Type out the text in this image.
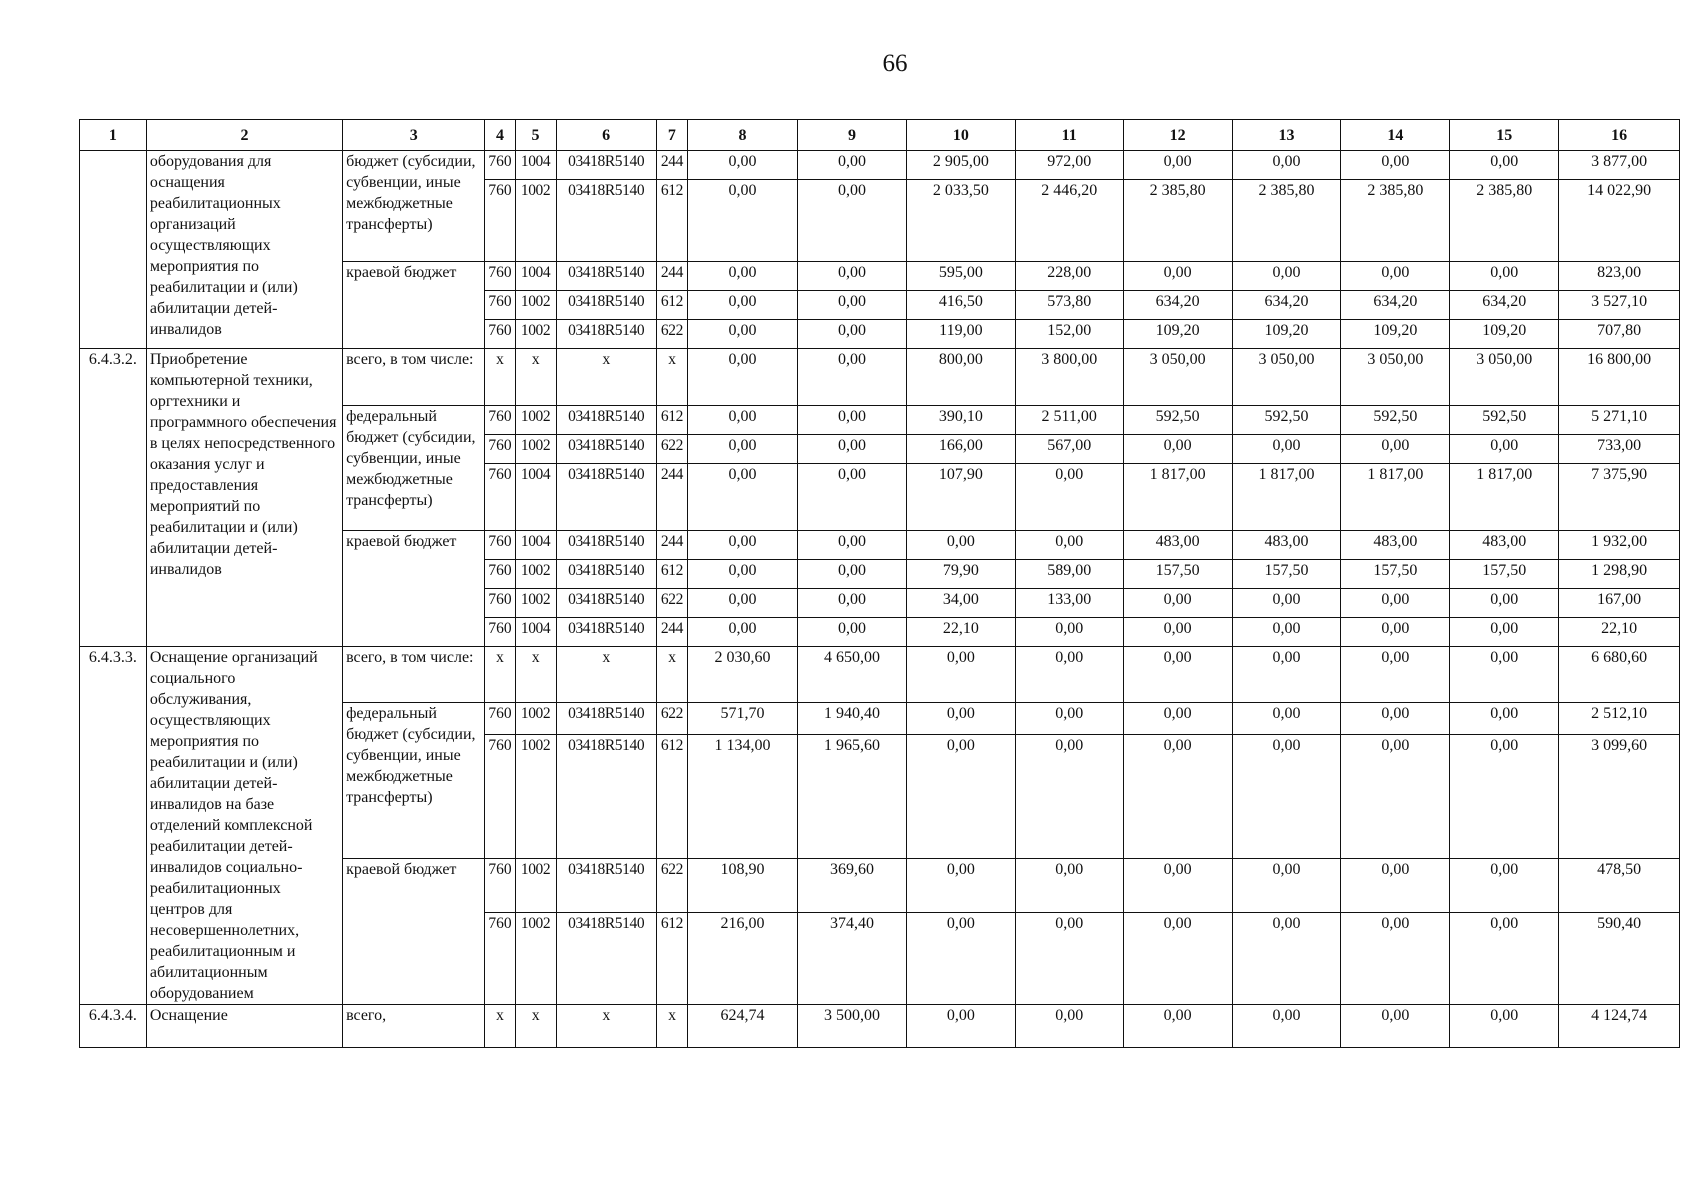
66
1	2	3	4	5	6	7	8	9	10	11	12	13	14	15	16
	оборудования для оснащения реабилитационных организаций осуществляющих мероприятия по реабилитации и (или) абилитации детей-инвалидов	бюджет (субсидии, субвенции, иные межбюджетные трансферты)	760	1004	03418R5140	244	0,00	0,00	2 905,00	972,00	0,00	0,00	0,00	0,00	3 877,00
			760	1002	03418R5140	612	0,00	0,00	2 033,50	2 446,20	2 385,80	2 385,80	2 385,80	2 385,80	14 022,90
		краевой бюджет	760	1004	03418R5140	244	0,00	0,00	595,00	228,00	0,00	0,00	0,00	0,00	823,00
			760	1002	03418R5140	612	0,00	0,00	416,50	573,80	634,20	634,20	634,20	634,20	3 527,10
			760	1002	03418R5140	622	0,00	0,00	119,00	152,00	109,20	109,20	109,20	109,20	707,80
6.4.3.2.	Приобретение компьютерной техники, оргтехники и программного обеспечения в целях непосредственного оказания услуг и предоставления мероприятий по реабилитации и (или) абилитации детей-инвалидов	всего, в том числе:	х	х	х	х	0,00	0,00	800,00	3 800,00	3 050,00	3 050,00	3 050,00	3 050,00	16 800,00
		федеральный бюджет (субсидии, субвенции, иные межбюджетные трансферты)	760	1002	03418R5140	612	0,00	0,00	390,10	2 511,00	592,50	592,50	592,50	592,50	5 271,10
			760	1002	03418R5140	622	0,00	0,00	166,00	567,00	0,00	0,00	0,00	0,00	733,00
			760	1004	03418R5140	244	0,00	0,00	107,90	0,00	1 817,00	1 817,00	1 817,00	1 817,00	7 375,90
		краевой бюджет	760	1004	03418R5140	244	0,00	0,00	0,00	0,00	483,00	483,00	483,00	483,00	1 932,00
			760	1002	03418R5140	612	0,00	0,00	79,90	589,00	157,50	157,50	157,50	157,50	1 298,90
			760	1002	03418R5140	622	0,00	0,00	34,00	133,00	0,00	0,00	0,00	0,00	167,00
			760	1004	03418R5140	244	0,00	0,00	22,10	0,00	0,00	0,00	0,00	0,00	22,10
6.4.3.3.	Оснащение организаций социального обслуживания, осуществляющих мероприятия по реабилитации и (или) абилитации детей-инвалидов на базе отделений комплексной реабилитации детей-инвалидов социально-реабилитационных центров для несовершеннолетних, реабилитационным и абилитационным оборудованием	всего, в том числе:	х	х	х	х	2 030,60	4 650,00	0,00	0,00	0,00	0,00	0,00	0,00	6 680,60
		федеральный бюджет (субсидии, субвенции, иные межбюджетные трансферты)	760	1002	03418R5140	622	571,70	1 940,40	0,00	0,00	0,00	0,00	0,00	0,00	2 512,10
			760	1002	03418R5140	612	1 134,00	1 965,60	0,00	0,00	0,00	0,00	0,00	0,00	3 099,60
		краевой бюджет	760	1002	03418R5140	622	108,90	369,60	0,00	0,00	0,00	0,00	0,00	0,00	478,50
			760	1002	03418R5140	612	216,00	374,40	0,00	0,00	0,00	0,00	0,00	0,00	590,40
6.4.3.4.	Оснащение	всего,	х	х	х	х	624,74	3 500,00	0,00	0,00	0,00	0,00	0,00	0,00	4 124,74
